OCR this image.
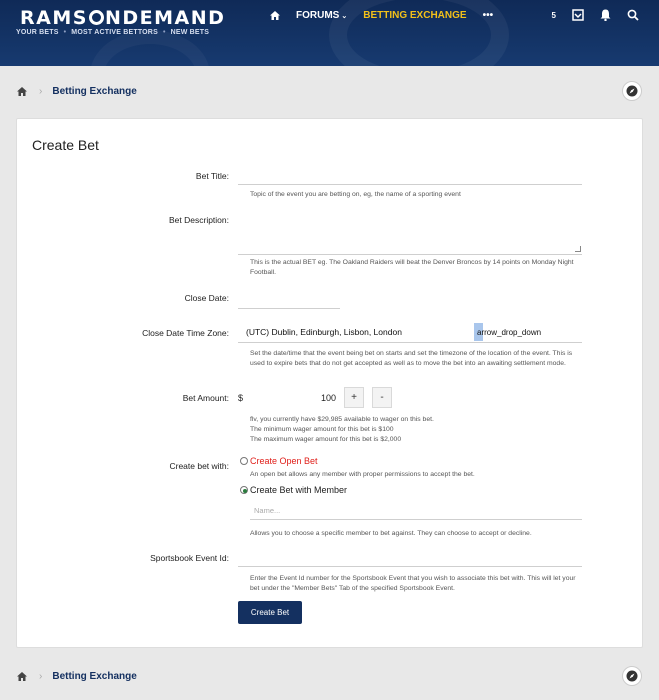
RAMS NDEMAND
YOUR BETS • MOST ACTIVE BETTORS • NEW BETS
FORUMS ⌄ BETTING EXCHANGE •••	5
› Betting Exchange
Create Bet
Bet Title:
Topic of the event you are betting on, eg, the name of a sporting event
Bet Description:
This is the actual BET eg. The Oakland Raiders will beat the Denver Broncos by 14 points on Monday Night Football.
Close Date:
Close Date Time Zone: (UTC) Dublin, Edinburgh, Lisbon, London	arrow_drop_down
Set the date/time that the event being bet on starts and set the timezone of the location of the event. This is used to expire bets that do not get accepted as well as to move the bet into an awaiting settlement mode.
Bet Amount: $	100	+	-
flv, you currently have $29,985 available to wager on this bet.
The minimum wager amount for this bet is $100
The maximum wager amount for this bet is $2,000
Create bet with: Create Open Bet
An open bet allows any member with proper permissions to accept the bet.
Create Bet with Member
Name...
Allows you to choose a specific member to bet against. They can choose to accept or decline.
Sportsbook Event Id:
Enter the Event Id number for the Sportsbook Event that you wish to associate this bet with. This will let your bet under the "Member Bets" Tab of the specified Sportsbook Event.
Create Bet
› Betting Exchange
